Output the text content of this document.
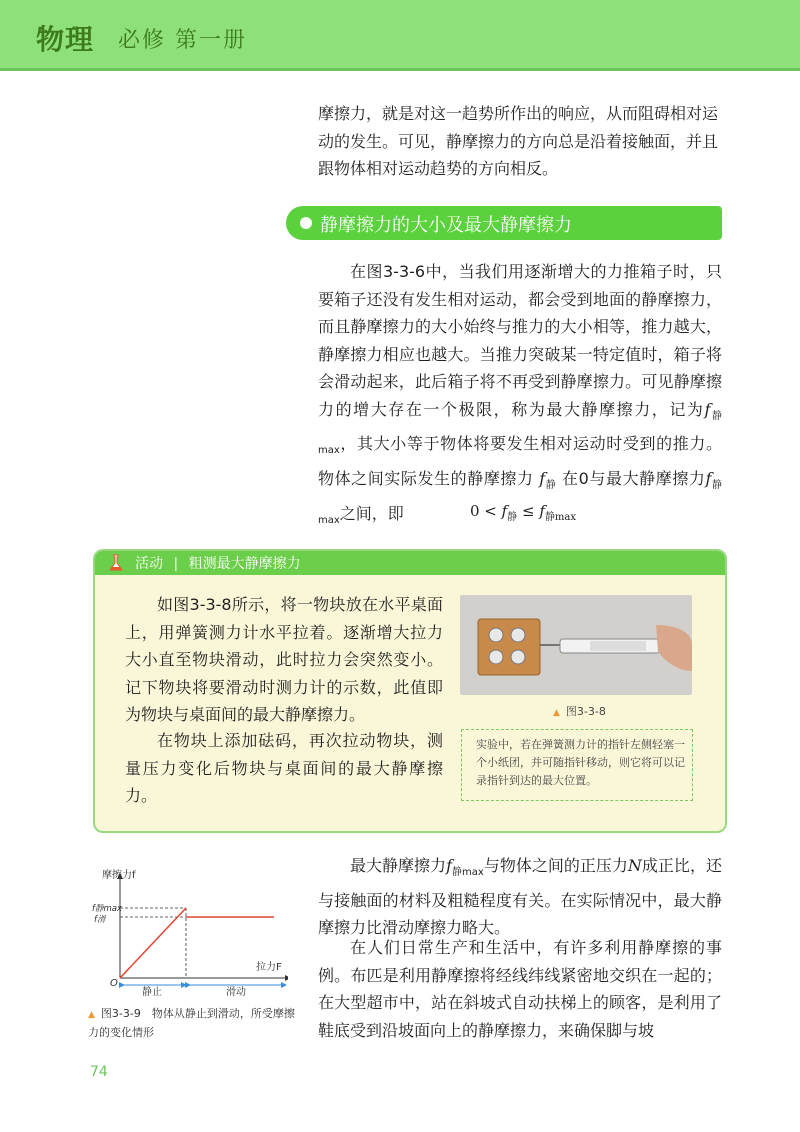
物理 必修 第一册
摩擦力，就是对这一趋势所作出的响应，从而阻碍相对运
动的发生。可见，静摩擦力的方向总是沿着接触面，并且
跟物体相对运动趋势的方向相反。
静摩擦力的大小及最大静摩擦力
在图3-3-6中，当我们用逐渐增大的力推箱子时，只要箱子还没有发生相对运动，都会受到地面的静摩擦力，而且静摩擦力的大小始终与推力的大小相等，推力越大，静摩擦力相应也越大。当推力突破某一特定值时，箱子将会滑动起来，此后箱子将不再受到静摩擦力。可见静摩擦力的增大存在一个极限，称为最大静摩擦力，记为$f_{静max}$，其大小等于物体将要发生相对运动时受到的推力。物体之间实际发生的静摩擦力 $f_静$ 在0与最大静摩擦力$f_{静max}$之间，即	$0 < f_静 \le f_{静max}$
活动 | 粗测最大静摩擦力
如图3-3-8所示，将一物块放在水平桌面上，用弹簧测力计水平拉着。逐渐增大拉力大小直至物块滑动，此时拉力会突然变小。记下物块将要滑动时测力计的示数，此值即为物块与桌面间的最大静摩擦力。
在物块上添加砝码，再次拉动物块，测量压力变化后物块与桌面间的最大静摩擦力。
▲ 图3-3-8
实验中，若在弹簧测力计的指针左侧轻塞一个小纸团，并可随指针移动，则它将可以记录指针到达的最大位置。
摩擦力f
f静max
f滑
O
拉力F
静止	滑动
▲ 图3-3-9　物体从静止到滑动，所受摩擦力的变化情形
最大静摩擦力$f_{静max}$与物体之间的正压力N成正比，还与接触面的材料及粗糙程度有关。在实际情况中，最大静摩擦力比滑动摩擦力略大。
在人们日常生产和生活中，有许多利用静摩擦的事例。布匹是利用静摩擦将经线纬线紧密地交织在一起的；在大型超市中，站在斜坡式自动扶梯上的顾客，是利用了鞋底受到沿坡面向上的静摩擦力，来确保脚与坡
74
